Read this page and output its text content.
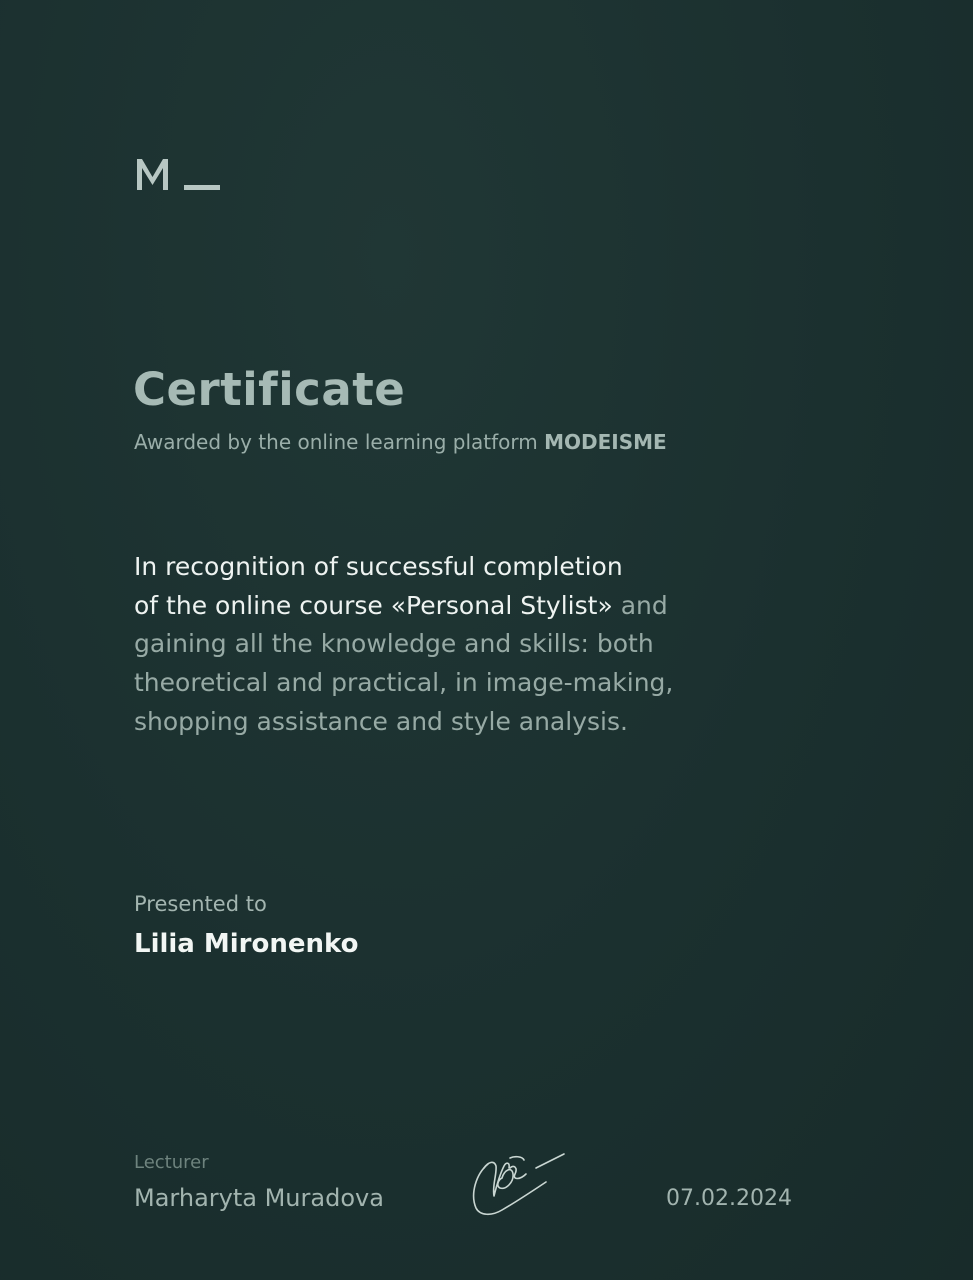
Certificate
Awarded by the online learning platform MODEISME
In recognition of successful completion
of the online course «Personal Stylist» and
gaining all the knowledge and skills: both
theoretical and practical, in image-making,
shopping assistance and style analysis.
Presented to
Lilia Mironenko
Lecturer
Marharyta Muradova	07.02.2024
